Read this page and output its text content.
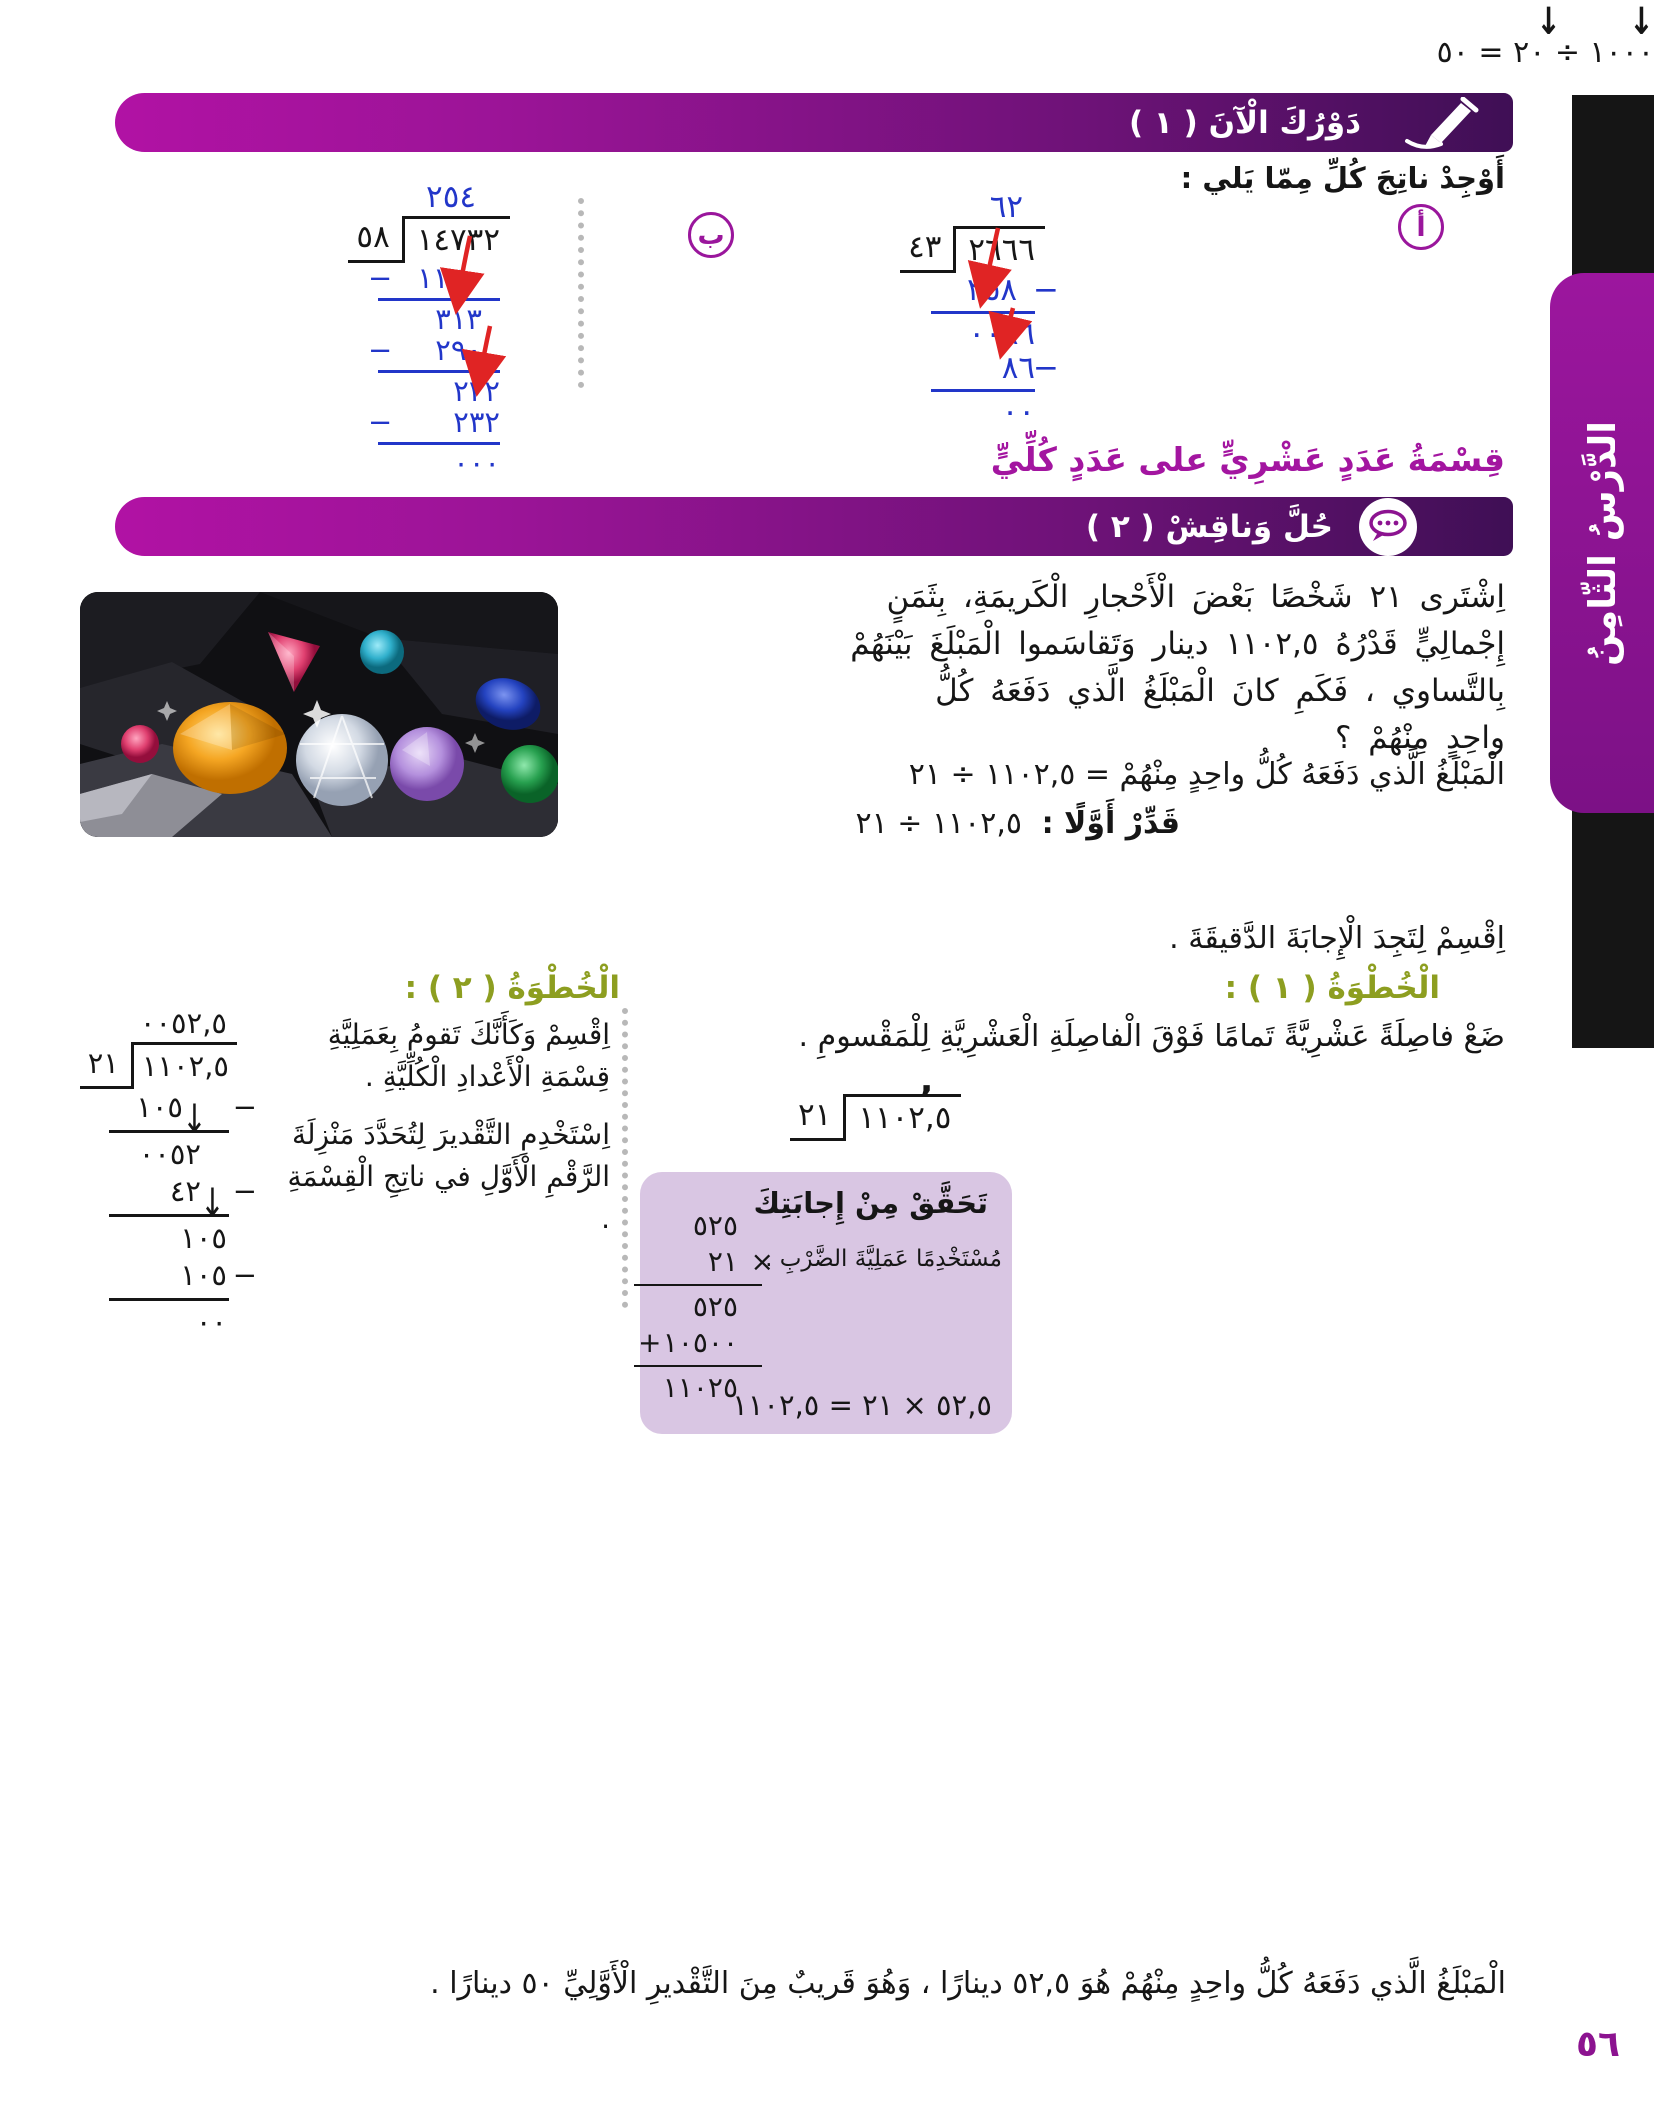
الدَّرْسُ الثّامِنُ
دَوْرُكَ الْآنَ ( ١ )
أَوْجِدْ ناتِجَ كُلِّ مِمّا يَلي :
أ
ب
٦٢
٢٦٦٦
٤٣
٢٥٨ −
٠٠٨٦
٨٦
−
٠٠
٢٥٤
١٤٧٣٢
٥٨
١١٦
−
٣١٣
٢٩٠
−
٢٣٢
٢٣٢
−
٠٠٠	قِسْمَةُ عَدَدٍ عَشْرِيٍّ على عَدَدٍ كُلِّيٍّ
حُلَّ وَناقِشْ ( ٢ )
اِشْتَرى ٢١ شَخْصًا بَعْضَ الْأَحْجارِ الْكَريمَةِ، بِثَمَنٍ
إِجْمالِيٍّ قَدْرُهُ ١١٠٢,٥ دينار وَتَقاسَموا الْمَبْلَغَ بَيْنَهُمْ
بِالتَّساوي ، فَكَمِ كانَ الْمَبْلَغُ الَّذي دَفَعَهُ كُلُّ
واحِدٍ مِنْهُمْ ؟
الْمَبْلَغُ الَّذي دَفَعَهُ كُلُّ واحِدٍ مِنْهُمْ = ١١٠٢,٥ ÷ ٢١
قَدِّرْ أَوَّلًا : ١١٠٢,٥ ÷ ٢١
↓
↓
١٠٠٠ ÷ ٢٠ = ٥٠
اِقْسِمْ لِتَجِدَ الْإِجابَةَ الدَّقيقَةَ .
الْخُطْوَةُ ( ١ ) :
الْخُطْوَةُ ( ٢ ) :
ضَعْ فاصِلَةً عَشْرِيَّةً تَمامًا فَوْقَ الْفاصِلَةِ الْعَشْرِيَّةِ لِلْمَقْسومِ .
١١٠٢,٥
,
٢١

اِقْسِمْ وَكَأَنَّكَ تَقومُ بِعَمَلِيَّةِ قِسْمَةِ الْأَعْدادِ الْكُلِّيَّةِ .

اِسْتَخْدِمِ التَّقْديرَ لِتُحَدَّدَ مَنْزِلَةَ الرَّقْمِ الْأَوَّلِ في ناتِجِ الْقِسْمَةِ .

٠٠٥٢,٥
١١٠٢,٥
٢١
١٠٥ −
↓
٠٠٥٢
٤٢ −
↓
١٠٥
١٠٥ −
٠٠
تَحَقَّقْ مِنْ إِجابَتِكَ
مُسْتَخْدِمًا عَمَلِيَّةَ الضَّرْبِ .
٥٢٥
٢١ ×
٥٢٥
١٠٥٠٠
+
١١٠٢٥
٥٢,٥ × ٢١ = ١١٠٢,٥
الْمَبْلَغُ الَّذي دَفَعَهُ كُلُّ واحِدٍ مِنْهُمْ هُوَ ٥٢,٥ دينارًا ، وَهُوَ قَريبٌ مِنَ التَّقْديرِ الْأَوَّلِيِّ ٥٠ دينارًا .
٥٦
